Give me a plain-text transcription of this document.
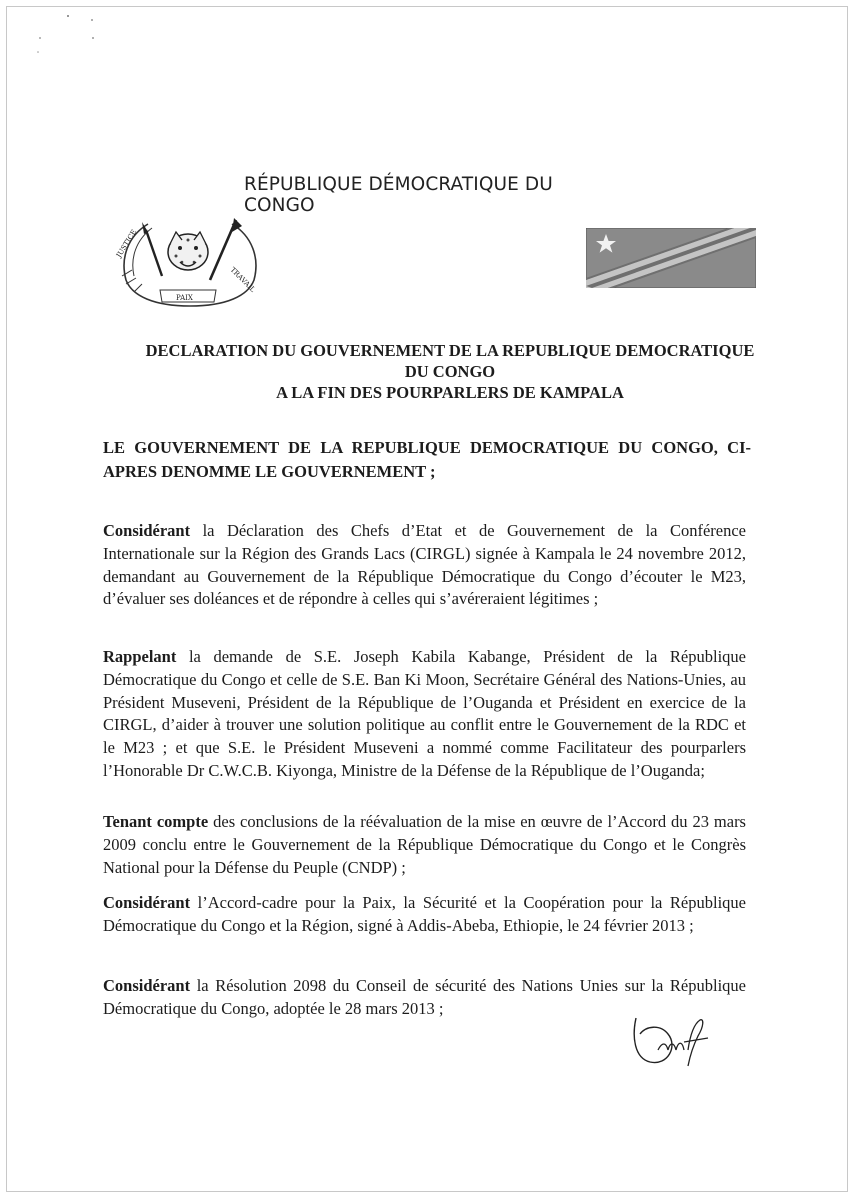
RÉPUBLIQUE DÉMOCRATIQUE DU CONGO
JUSTICE
PAIX
TRAVAIL
DECLARATION DU GOUVERNEMENT DE LA REPUBLIQUE DEMOCRATIQUE
DU CONGO
A LA FIN DES POURPARLERS DE KAMPALA
LE GOUVERNEMENT DE LA REPUBLIQUE DEMOCRATIQUE DU CONGO, CI-APRES DENOMME LE GOUVERNEMENT ;
Considérant la Déclaration des Chefs d’Etat et de Gouvernement de la Conférence Internationale sur la Région des Grands Lacs (CIRGL) signée à Kampala le 24 novembre 2012, demandant au Gouvernement de la République Démocratique du Congo d’écouter le M23, d’évaluer ses doléances et de répondre à celles qui s’avéreraient légitimes ;
Rappelant la demande de S.E. Joseph Kabila Kabange, Président de la République Démocratique du Congo et celle de S.E. Ban Ki Moon, Secrétaire Général des Nations-Unies, au Président Museveni, Président de la République de l’Ouganda et Président en exercice de la CIRGL, d’aider à trouver une solution politique au conflit entre le Gouvernement de la RDC et le M23 ; et que S.E. le Président Museveni a nommé comme Facilitateur des pourparlers l’Honorable Dr C.W.C.B. Kiyonga, Ministre de la Défense de la République de l’Ouganda;
Tenant compte des conclusions de la réévaluation de la mise en œuvre de l’Accord du 23 mars 2009 conclu entre le Gouvernement de la République Démocratique du Congo et le Congrès National pour la Défense du Peuple (CNDP) ;
Considérant l’Accord-cadre pour la Paix, la Sécurité et la Coopération pour la République Démocratique du Congo et la Région, signé à Addis-Abeba, Ethiopie, le 24 février 2013 ;
Considérant la Résolution 2098 du Conseil de sécurité des Nations Unies sur la République Démocratique du Congo, adoptée le 28 mars 2013 ;
